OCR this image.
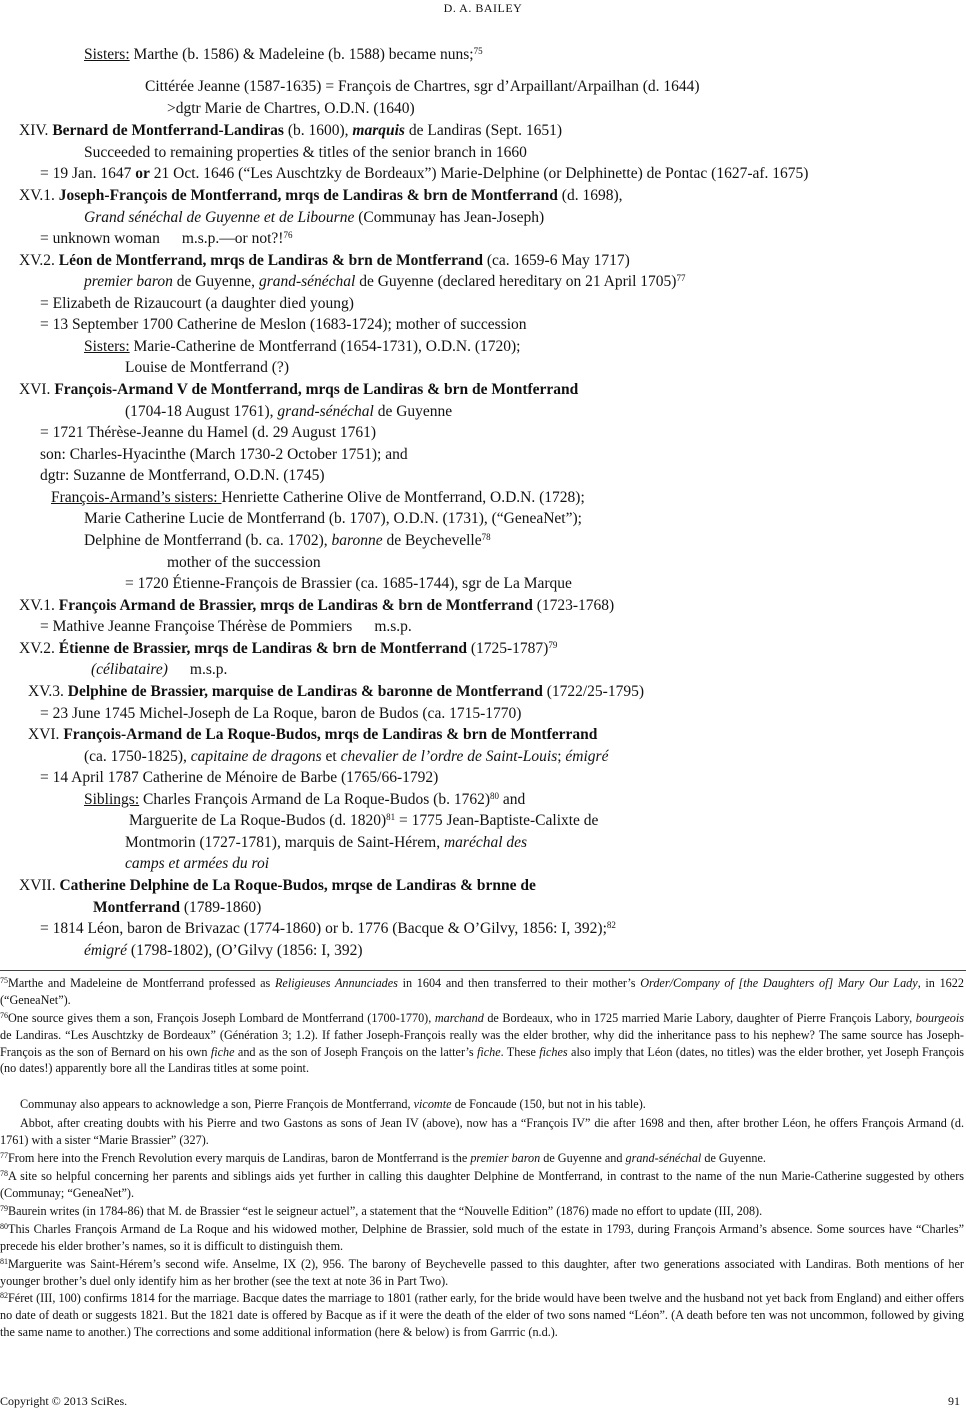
D. A. BAILEY
Sisters: Marthe (b. 1586) & Madeleine (b. 1588) became nuns;$^{75}$
Cittérée Jeanne (1587-1635) = François de Chartres, sgr d’Arpaillant/Arpailhan (d. 1644)
>dgtr Marie de Chartres, O.D.N. (1640)
XIV. Bernard de Montferrand-Landiras (b. 1600), marquis de Landiras (Sept. 1651)
Succeeded to remaining properties & titles of the senior branch in 1660
= 19 Jan. 1647 or 21 Oct. 1646 (“Les Auschtzky de Bordeaux”) Marie-Delphine (or Delphinette) de Pontac (1627-af. 1675)
XV.1. Joseph-François de Montferrand, mrqs de Landiras & brn de Montferrand (d. 1698),
Grand sénéchal de Guyenne et de Libourne (Communay has Jean-Joseph)
= unknown woman m.s.p.—or not?!$^{76}$
XV.2. Léon de Montferrand, mrqs de Landiras & brn de Montferrand (ca. 1659-6 May 1717)
premier baron de Guyenne, grand-sénéchal de Guyenne (declared hereditary on 21 April 1705)$^{77}$
= Elizabeth de Rizaucourt (a daughter died young)
= 13 September 1700 Catherine de Meslon (1683-1724); mother of succession
Sisters: Marie-Catherine de Montferrand (1654-1731), O.D.N. (1720);
Louise de Montferrand (?)
XVI. François-Armand V de Montferrand, mrqs de Landiras & brn de Montferrand
(1704-18 August 1761), grand-sénéchal de Guyenne
= 1721 Thérèse-Jeanne du Hamel (d. 29 August 1761)
son: Charles-Hyacinthe (March 1730-2 October 1751); and
dgtr: Suzanne de Montferrand, O.D.N. (1745)
François-Armand’s sisters: Henriette Catherine Olive de Montferrand, O.D.N. (1728);
Marie Catherine Lucie de Montferrand (b. 1707), O.D.N. (1731), (“GeneaNet”);
Delphine de Montferrand (b. ca. 1702), baronne de Beychevelle$^{78}$
mother of the succession
= 1720 Étienne-François de Brassier (ca. 1685-1744), sgr de La Marque
XV.1. François Armand de Brassier, mrqs de Landiras & brn de Montferrand (1723-1768)
= Mathive Jeanne Françoise Thérèse de Pommiers m.s.p.
XV.2. Étienne de Brassier, mrqs de Landiras & brn de Montferrand (1725-1787)$^{79}$
(célibataire) m.s.p.
XV.3. Delphine de Brassier, marquise de Landiras & baronne de Montferrand (1722/25-1795)
= 23 June 1745 Michel-Joseph de La Roque, baron de Budos (ca. 1715-1770)
XVI. François-Armand de La Roque-Budos, mrqs de Landiras & brn de Montferrand
(ca. 1750-1825), capitaine de dragons et chevalier de l’ordre de Saint-Louis; émigré
= 14 April 1787 Catherine de Ménoire de Barbe (1765/66-1792)
Siblings: Charles François Armand de La Roque-Budos (b. 1762)$^{80}$ and
Marguerite de La Roque-Budos (d. 1820)$^{81}$ = 1775 Jean-Baptiste-Calixte de
Montmorin (1727-1781), marquis de Saint-Hérem, maréchal des
camps et armées du roi
XVII. Catherine Delphine de La Roque-Budos, mrqse de Landiras & brnne de
Montferrand (1789-1860)
= 1814 Léon, baron de Brivazac (1774-1860) or b. 1776 (Bacque & O’Gilvy, 1856: I, 392);$^{82}$
émigré (1798-1802), (O’Gilvy (1856: I, 392)
$^{75}$Marthe and Madeleine de Montferrand professed as Religieuses Annunciades in 1604 and then transferred to their mother’s Order/Company of [the Daughters of] Mary Our Lady, in 1622 (“GeneaNet”).
$^{76}$One source gives them a son, François Joseph Lombard de Montferrand (1700-1770), marchand de Bordeaux, who in 1725 married Marie Labory, daughter of Pierre François Labory, bourgeois de Landiras. “Les Auschtzky de Bordeaux” (Génération 3; 1.2). If father Joseph-François really was the elder brother, why did the inheritance pass to his nephew? The same source has Joseph-François as the son of Bernard on his own fiche and as the son of Joseph François on the latter’s fiche. These fiches also imply that Léon (dates, no titles) was the elder brother, yet Joseph François (no dates!) apparently bore all the Landiras titles at some point.
Communay also appears to acknowledge a son, Pierre François de Montferrand, vicomte de Foncaude (150, but not in his table).
Abbot, after creating doubts with his Pierre and two Gastons as sons of Jean IV (above), now has a “François IV” die after 1698 and then, after brother Léon, he offers François Armand (d. 1761) with a sister “Marie Brassier” (327).
$^{77}$From here into the French Revolution every marquis de Landiras, baron de Montferrand is the premier baron de Guyenne and grand-sénéchal de Guyenne.
$^{78}$A site so helpful concerning her parents and siblings aids yet further in calling this daughter Delphine de Montferrand, in contrast to the name of the nun Marie-Catherine suggested by others (Communay; “GeneaNet”).
$^{79}$Baurein writes (in 1784-86) that M. de Brassier “est le seigneur actuel”, a statement that the “Nouvelle Edition” (1876) made no effort to update (III, 208).
$^{80}$This Charles François Armand de La Roque and his widowed mother, Delphine de Brassier, sold much of the estate in 1793, during François Armand’s absence. Some sources have “Charles” precede his elder brother’s names, so it is difficult to distinguish them.
$^{81}$Marguerite was Saint-Hérem’s second wife. Anselme, IX (2), 956. The barony of Beychevelle passed to this daughter, after two generations associated with Landiras. Both mentions of her younger brother’s duel only identify him as her brother (see the text at note 36 in Part Two).
$^{82}$Féret (III, 100) confirms 1814 for the marriage. Bacque dates the marriage to 1801 (rather early, for the bride would have been twelve and the husband not yet back from England) and either offers no date of death or suggests 1821. But the 1821 date is offered by Bacque as if it were the death of the elder of two sons named “Léon”. (A death before ten was not uncommon, followed by giving the same name to another.) The corrections and some additional information (here & below) is from Garrric (n.d.).
Copyright © 2013 SciRes.	91
